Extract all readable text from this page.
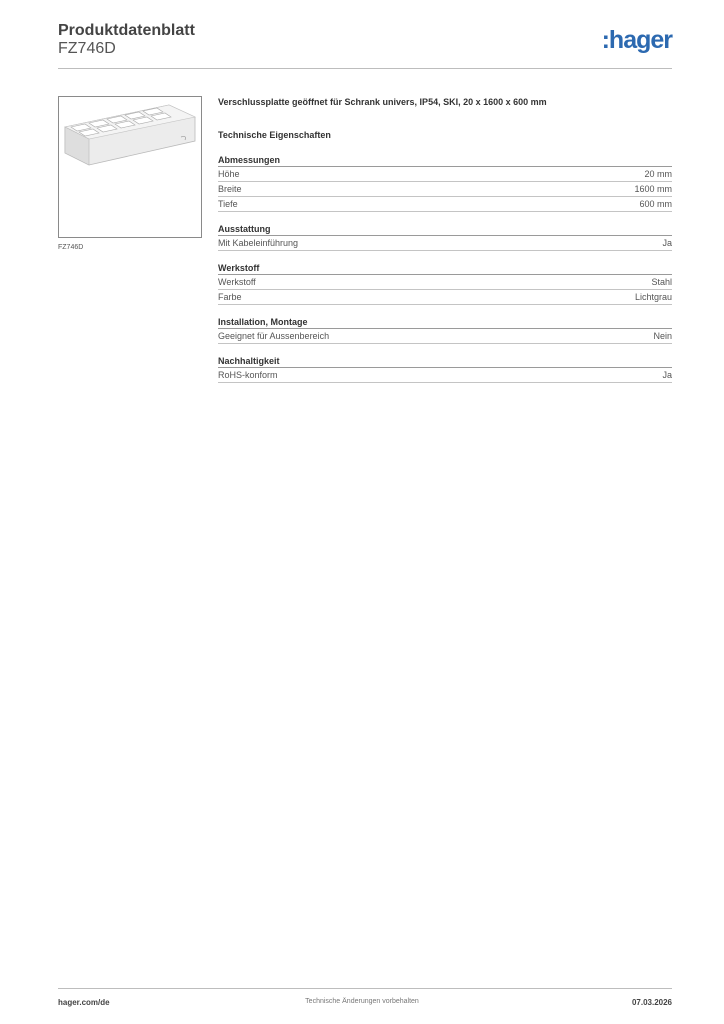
Produktdatenblatt
FZ746D	:hager
FZ746D
Verschlussplatte geöffnet für Schrank univers, IP54, SKI, 20 x 1600 x 600 mm
Technische Eigenschaften
Abmessungen
Höhe	20 mm
Breite	1600 mm
Tiefe	600 mm
Ausstattung
Mit Kabeleinführung	Ja
Werkstoff
Werkstoff	Stahl
Farbe	Lichtgrau
Installation, Montage
Geeignet für Aussenbereich	Nein
Nachhaltigkeit
RoHS-konform	Ja
hager.com/de	Technische Änderungen vorbehalten	07.03.2026
